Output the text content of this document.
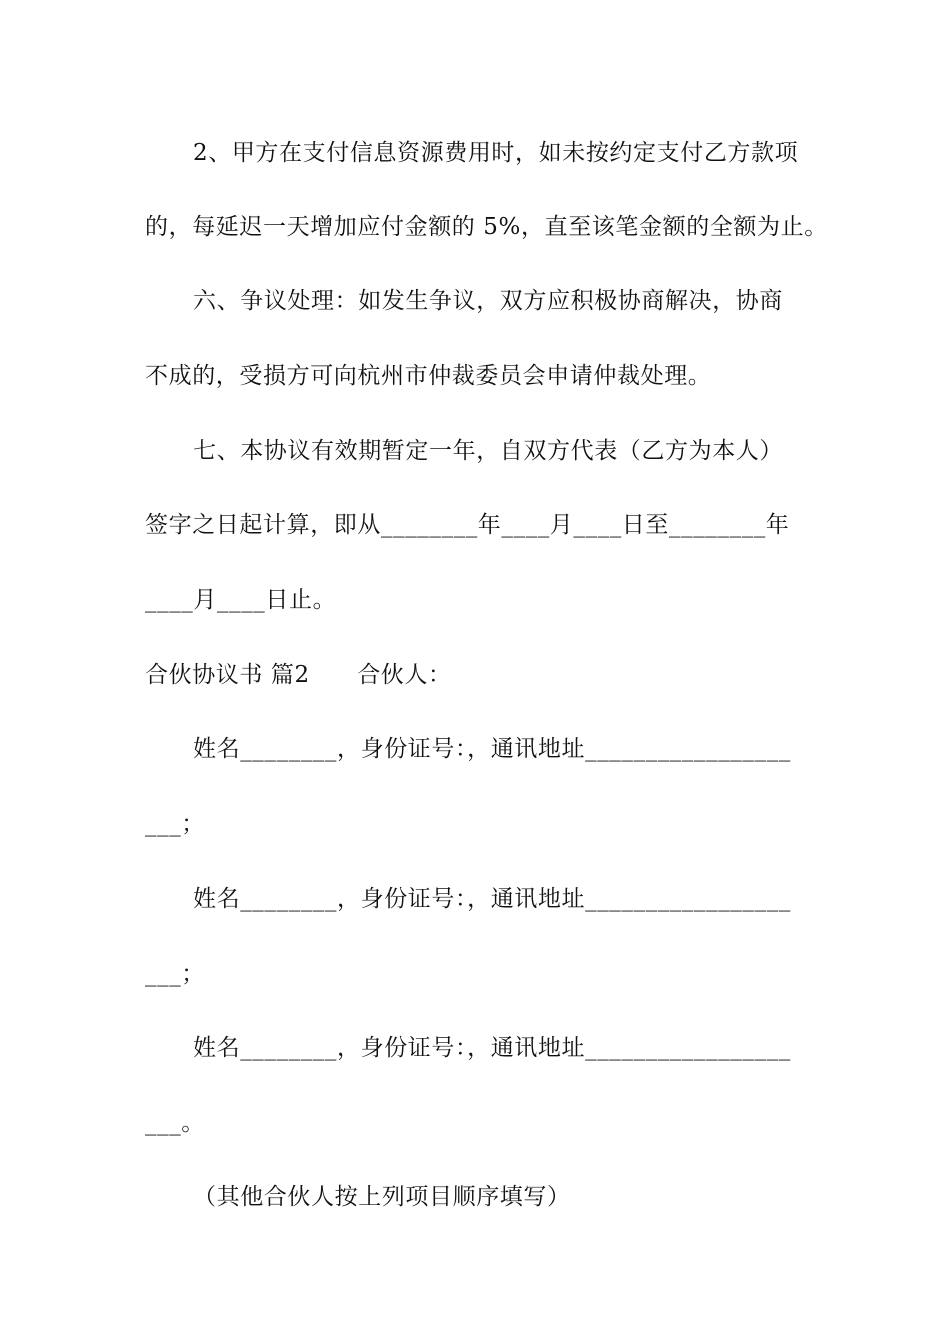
2、甲方在支付信息资源费用时，如未按约定支付乙方款项
的，每延迟一天增加应付金额的 5%，直至该笔金额的全额为止。
六、争议处理：如发生争议，双方应积极协商解决，协商
不成的，受损方可向杭州市仲裁委员会申请仲裁处理。
七、本协议有效期暂定一年，自双方代表（乙方为本人）
签字之日起计算，即从________年____月____日至________年
____月____日止。
合伙协议书 篇2      合伙人：
姓名________，身份证号：，通讯地址_________________
___；
姓名________，身份证号：，通讯地址_________________
___；
姓名________，身份证号：，通讯地址_________________
___。
（其他合伙人按上列项目顺序填写）
